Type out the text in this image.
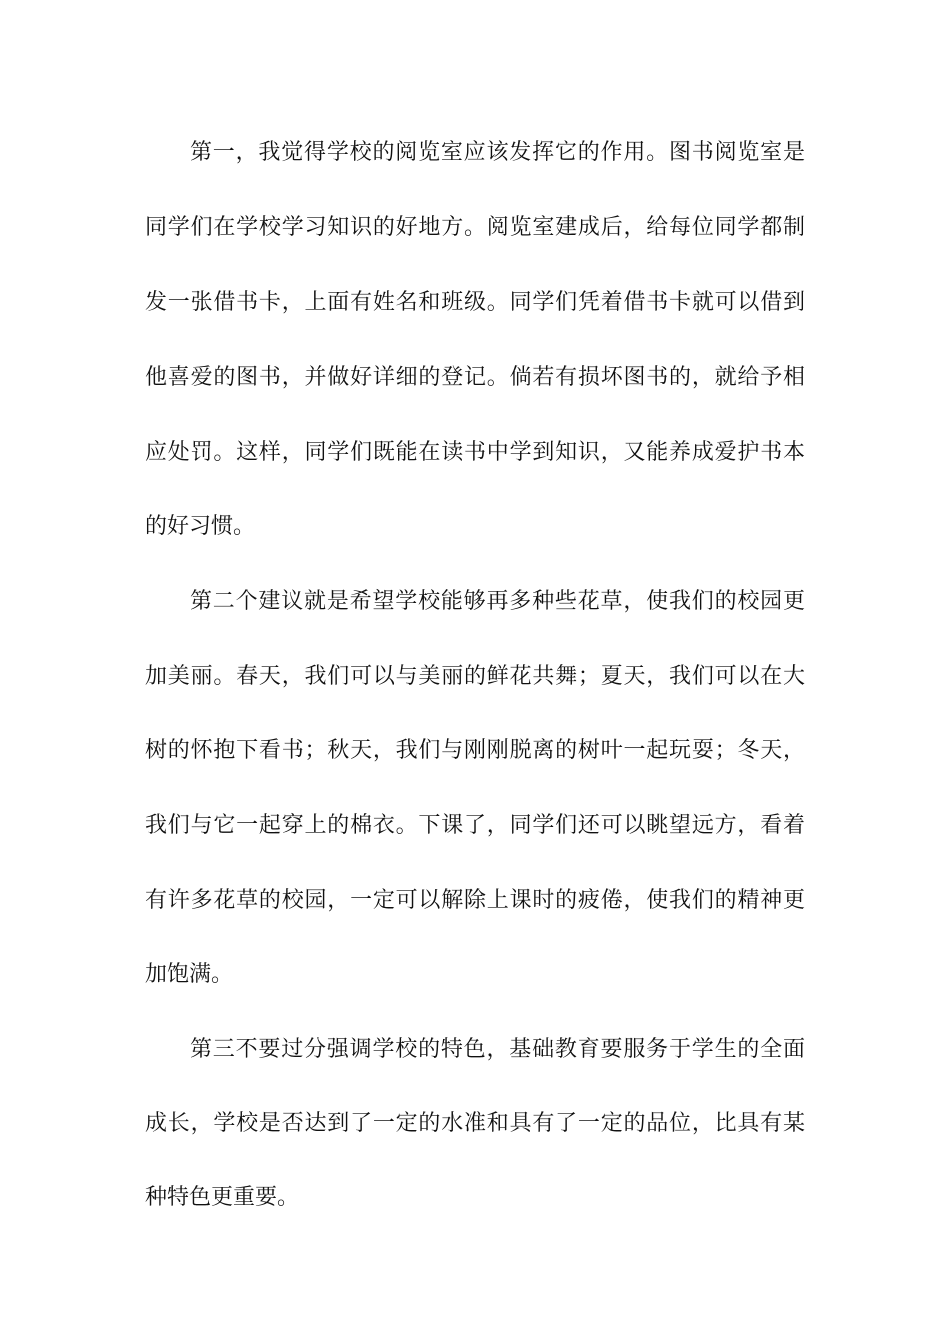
第一，我觉得学校的阅览室应该发挥它的作用。图书阅览室是
同学们在学校学习知识的好地方。阅览室建成后，给每位同学都制
发一张借书卡，上面有姓名和班级。同学们凭着借书卡就可以借到
他喜爱的图书，并做好详细的登记。倘若有损坏图书的，就给予相
应处罚。这样，同学们既能在读书中学到知识，又能养成爱护书本
的好习惯。
第二个建议就是希望学校能够再多种些花草，使我们的校园更
加美丽。春天，我们可以与美丽的鲜花共舞；夏天，我们可以在大
树的怀抱下看书；秋天，我们与刚刚脱离的树叶一起玩耍；冬天，
我们与它一起穿上的棉衣。下课了，同学们还可以眺望远方，看着
有许多花草的校园，一定可以解除上课时的疲倦，使我们的精神更
加饱满。
第三不要过分强调学校的特色，基础教育要服务于学生的全面
成长，学校是否达到了一定的水准和具有了一定的品位，比具有某
种特色更重要。
